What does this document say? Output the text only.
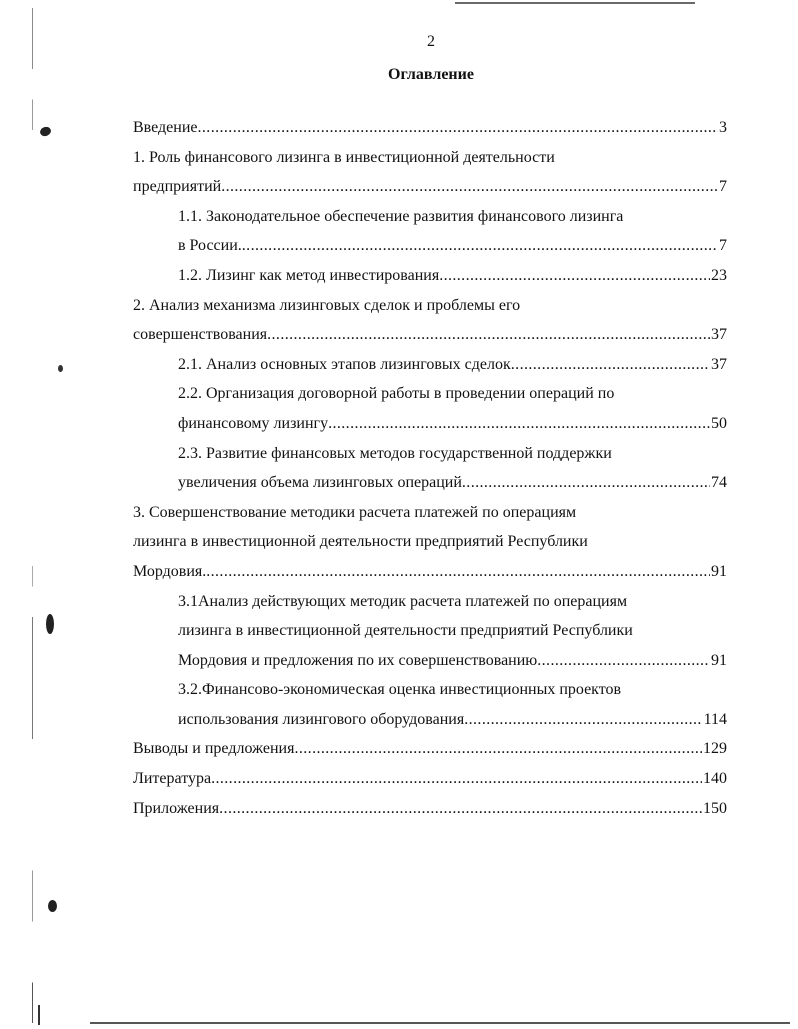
2
Оглавление
Введение .....	3
1. Роль финансового лизинга в инвестиционной деятельности
предприятий .....	7
1.1. Законодательное обеспечение развития финансового лизинга
в России. .....	7
1.2. Лизинг как метод инвестирования .....	23
2. Анализ механизма лизинговых сделок и проблемы его
совершенствования .....	37
2.1. Анализ основных этапов лизинговых сделок .....	37
2.2. Организация договорной работы в проведении операций по
финансовому лизингу .....	50
2.3. Развитие финансовых методов государственной поддержки
увеличения объема лизинговых операций .....	74
3. Совершенствование методики расчета платежей по операциям
лизинга в инвестиционной деятельности предприятий Республики
Мордовия. .....	91
3.1Анализ действующих методик расчета платежей по операциям
лизинга в инвестиционной деятельности предприятий Республики
Мордовия и предложения по их совершенствованию .....	91
3.2.Финансово-экономическая оценка инвестиционных проектов
использования лизингового оборудования .....	114
Выводы и предложения .....	129
Литература .....	140
Приложения .....	150
